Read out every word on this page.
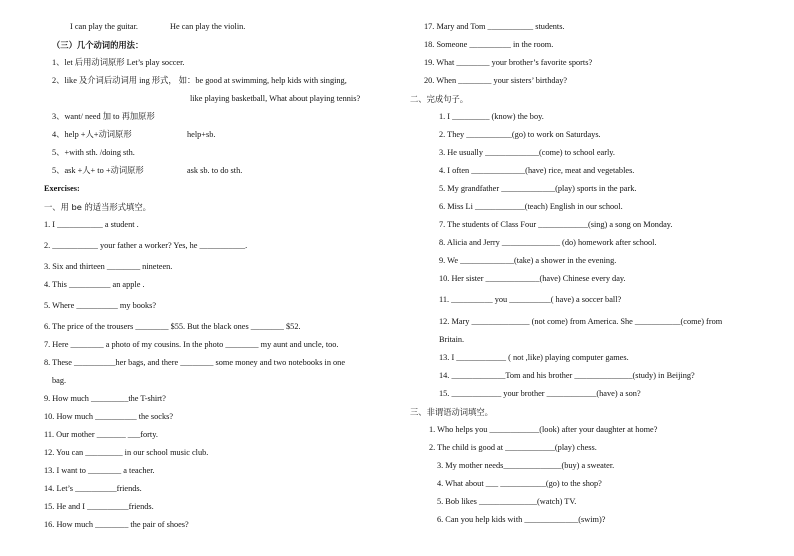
I can play the guitar.	He can play the violin.
（三）几个动词的用法：
1、let 后用动词原形 Let’s play soccer.
2、like 及介词后动词用 ing 形式， 如：be good at swimming, help kids with singing,
like playing basketball, What about playing tennis?
3、want/ need 加 to 再加原形
4、help +人+动词原形	help+sb.
5、+with sth. /doing sth.
5、ask +人+ to +动词原形	ask sb. to do sth.
Exercises:
一、用 be 的适当形式填空。
1. I ___________ a student .
2. ___________ your father a worker? Yes, he ___________.
3. Six and thirteen ________ nineteen.
4. This __________ an apple .
5. Where __________ my books?
6. The price of the trousers ________ $55. But the black ones ________ $52.
7. Here ________ a photo of my cousins. In the photo ________ my aunt and uncle, too.
8. These __________her bags, and there ________ some money and two notebooks in one
bag.
9. How much _________the T-shirt?
10. How much __________ the socks?
11. Our mother _______ ___forty.
12. You can _________ in our school music club.
13. I want to ________ a teacher.
14. Let’s __________friends.
15. He and I __________friends.
16. How much ________ the pair of shoes?
17. Mary and Tom ___________ students.
18. Someone __________ in the room.
19. What ________ your brother’s favorite sports?
20. When ________ your sisters’ birthday?
二、完成句子。
1. I _________ (know) the boy.
2. They ___________(go) to work on Saturdays.
3. He usually _____________(come) to school early.
4. I often _____________(have) rice, meat and vegetables.
5. My grandfather _____________(play) sports in the park.
6. Miss Li ____________(teach) English in our school.
7. The students of Class Four ____________(sing) a song on Monday.
8. Alicia and Jerry ______________ (do) homework after school.
9. We _____________(take) a shower in the evening.
10. Her sister _____________(have) Chinese every day.
11. __________ you __________( have) a soccer ball?
12. Mary ______________ (not come) from America. She ___________(come) from
Britain.
13. I ____________ ( not ,like) playing computer games.
14. _____________Tom and his brother ______________(study) in Beijing?
15. ____________ your brother ____________(have) a son?
三、非谓语动词填空。
1. Who helps you ____________(look) after your daughter at home?
2. The child is good at ____________(play) chess.
3. My mother needs______________(buy) a sweater.
4. What about ___ ___________(go) to the shop?
5. Bob likes ______________(watch) TV.
6. Can you help kids with _____________(swim)?
